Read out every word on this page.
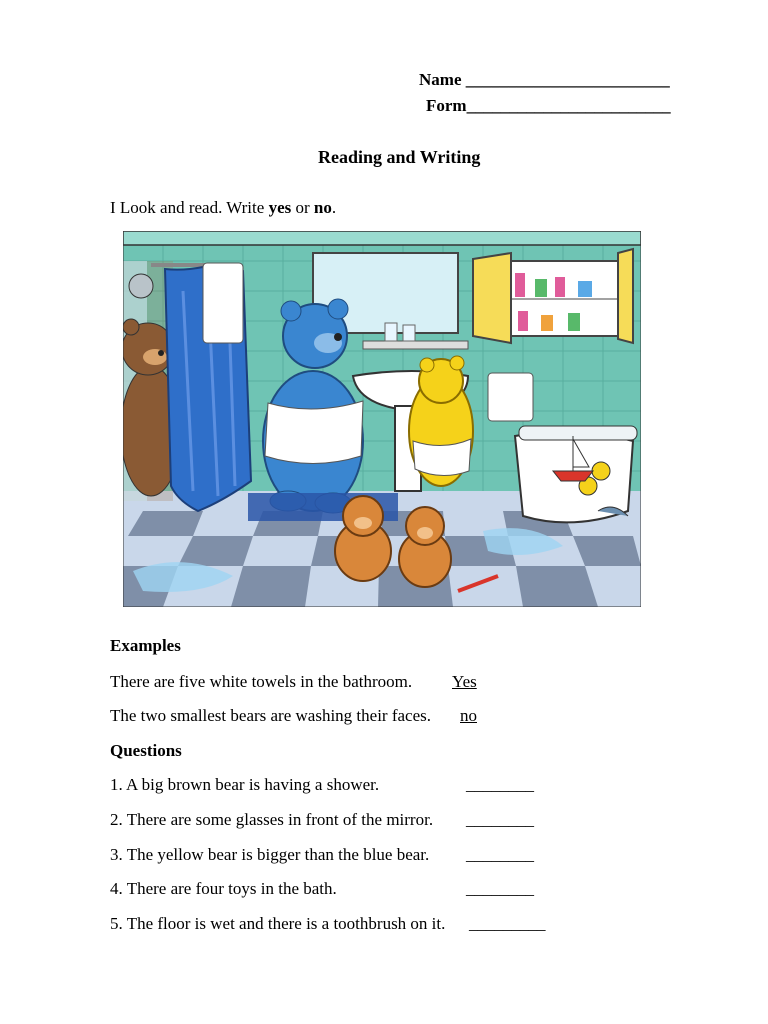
Name ________________________
Form________________________
Reading and Writing
I Look and read. Write yes or no.
Examples
There are five white towels in the bathroom. Yes
The two smallest bears are washing their faces. no
Questions
1. A big brown bear is having a shower.	________
2. There are some glasses in front of the mirror. ________
3. The yellow bear is bigger than the blue bear. ________
4. There are four toys in the bath.	________
5. The floor is wet and there is a toothbrush on it. _________
